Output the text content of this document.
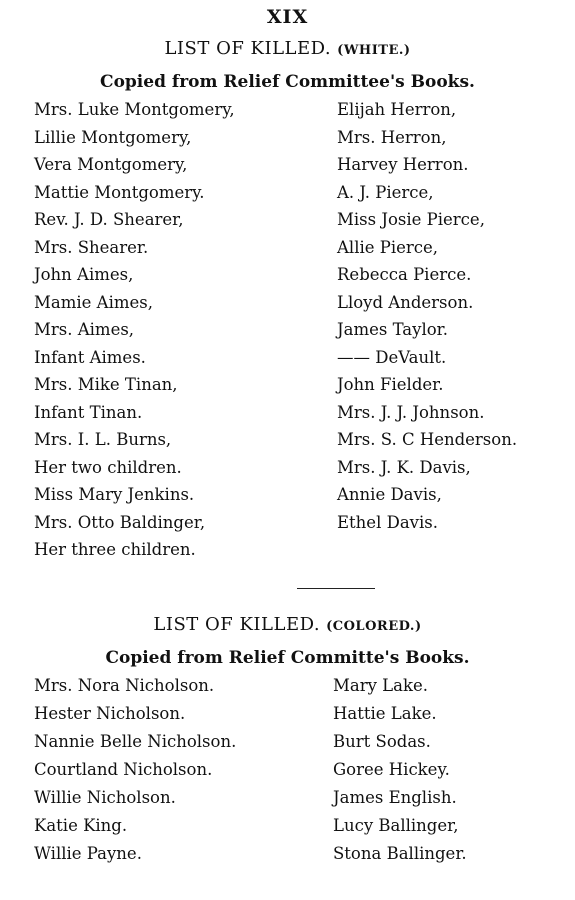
XIX
LIST OF KILLED. (WHITE.)
Copied from Relief Committee's Books.
Mrs. Luke Montgomery,
Lillie Montgomery,
Vera Montgomery,
Mattie Montgomery.
Rev. J. D. Shearer,
Mrs. Shearer.
John Aimes,
Mamie Aimes,
Mrs. Aimes,
Infant Aimes.
Mrs. Mike Tinan,
Infant Tinan.
Mrs. I. L. Burns,
Her two children.
Miss Mary Jenkins.
Mrs. Otto Baldinger,
Her three children.
Elijah Herron,
Mrs. Herron,
Harvey Herron.
A. J. Pierce,
Miss Josie Pierce,
Allie Pierce,
Rebecca Pierce.
Lloyd Anderson.
James Taylor.
—— DeVault.
John Fielder.
Mrs. J. J. Johnson.
Mrs. S. C Henderson.
Mrs. J. K. Davis,
Annie Davis,
Ethel Davis.
LIST OF KILLED. (COLORED.)
Copied from Relief Committe's Books.
Mrs. Nora Nicholson.
Hester Nicholson.
Nannie Belle Nicholson.
Courtland Nicholson.
Willie Nicholson.
Katie King.
Willie Payne.
Mary Lake.
Hattie Lake.
Burt Sodas.
Goree Hickey.
James English.
Lucy Ballinger,
Stona Ballinger.
